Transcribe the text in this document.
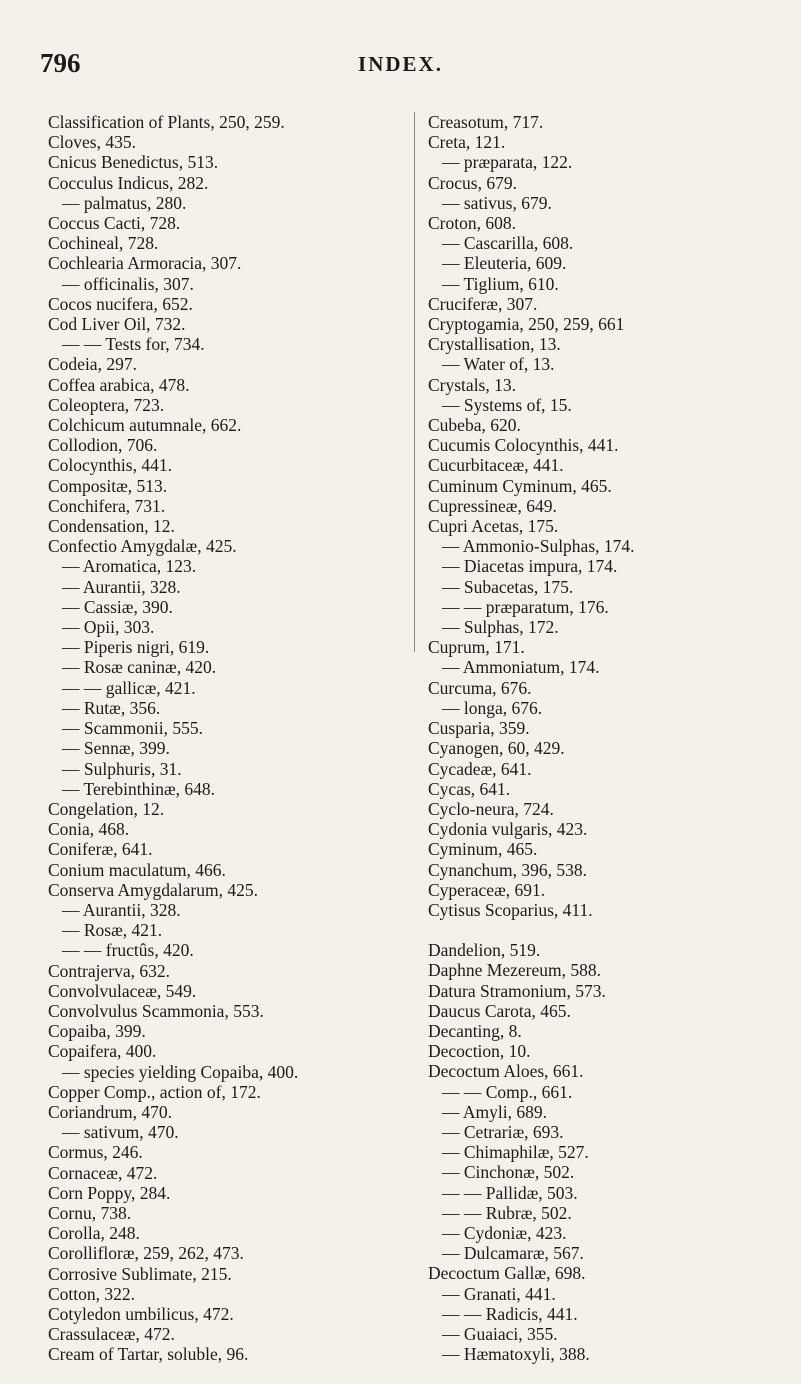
796	INDEX.
Classification of Plants, 250, 259.
Cloves, 435.
Cnicus Benedictus, 513.
Cocculus Indicus, 282.
— palmatus, 280.
Coccus Cacti, 728.
Cochineal, 728.
Cochlearia Armoracia, 307.
— officinalis, 307.
Cocos nucifera, 652.
Cod Liver Oil, 732.
— — Tests for, 734.
Codeia, 297.
Coffea arabica, 478.
Coleoptera, 723.
Colchicum autumnale, 662.
Collodion, 706.
Colocynthis, 441.
Compositæ, 513.
Conchifera, 731.
Condensation, 12.
Confectio Amygdalæ, 425.
— Aromatica, 123.
— Aurantii, 328.
— Cassiæ, 390.
— Opii, 303.
— Piperis nigri, 619.
— Rosæ caninæ, 420.
— — gallicæ, 421.
— Rutæ, 356.
— Scammonii, 555.
— Sennæ, 399.
— Sulphuris, 31.
— Terebinthinæ, 648.
Congelation, 12.
Conia, 468.
Coniferæ, 641.
Conium maculatum, 466.
Conserva Amygdalarum, 425.
— Aurantii, 328.
— Rosæ, 421.
— — fructûs, 420.
Contrajerva, 632.
Convolvulaceæ, 549.
Convolvulus Scammonia, 553.
Copaiba, 399.
Copaifera, 400.
— species yielding Copaiba, 400.
Copper Comp., action of, 172.
Coriandrum, 470.
— sativum, 470.
Cormus, 246.
Cornaceæ, 472.
Corn Poppy, 284.
Cornu, 738.
Corolla, 248.
Corollifloræ, 259, 262, 473.
Corrosive Sublimate, 215.
Cotton, 322.
Cotyledon umbilicus, 472.
Crassulaceæ, 472.
Cream of Tartar, soluble, 96.
Creasotum, 717.
Creta, 121.
— præparata, 122.
Crocus, 679.
— sativus, 679.
Croton, 608.
— Cascarilla, 608.
— Eleuteria, 609.
— Tiglium, 610.
Cruciferæ, 307.
Cryptogamia, 250, 259, 661
Crystallisation, 13.
— Water of, 13.
Crystals, 13.
— Systems of, 15.
Cubeba, 620.
Cucumis Colocynthis, 441.
Cucurbitaceæ, 441.
Cuminum Cyminum, 465.
Cupressineæ, 649.
Cupri Acetas, 175.
— Ammonio-Sulphas, 174.
— Diacetas impura, 174.
— Subacetas, 175.
— — præparatum, 176.
— Sulphas, 172.
Cuprum, 171.
— Ammoniatum, 174.
Curcuma, 676.
— longa, 676.
Cusparia, 359.
Cyanogen, 60, 429.
Cycadeæ, 641.
Cycas, 641.
Cyclo-neura, 724.
Cydonia vulgaris, 423.
Cyminum, 465.
Cynanchum, 396, 538.
Cyperaceæ, 691.
Cytisus Scoparius, 411.
Dandelion, 519.
Daphne Mezereum, 588.
Datura Stramonium, 573.
Daucus Carota, 465.
Decanting, 8.
Decoction, 10.
Decoctum Aloes, 661.
— — Comp., 661.
— Amyli, 689.
— Cetrariæ, 693.
— Chimaphilæ, 527.
— Cinchonæ, 502.
— — Pallidæ, 503.
— — Rubræ, 502.
— Cydoniæ, 423.
— Dulcamaræ, 567.
Decoctum Gallæ, 698.
— Granati, 441.
— — Radicis, 441.
— Guaiaci, 355.
— Hæmatoxyli, 388.
